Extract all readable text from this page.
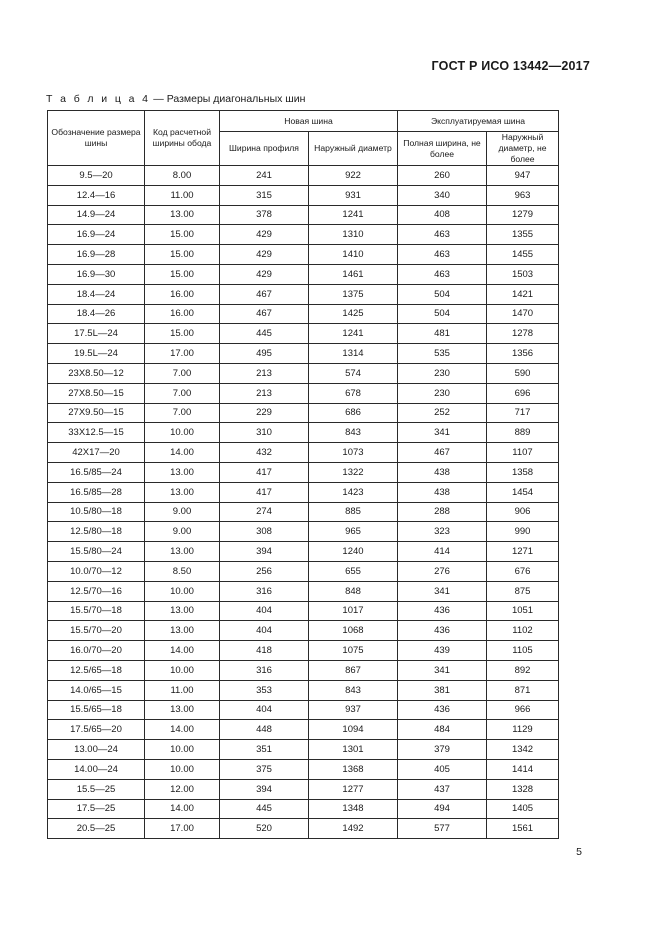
ГОСТ Р ИСО 13442—2017
Т а б л и ц а 4 — Размеры диагональных шин
Обозначение размера шины	Код расчетной ширины обода	Новая шина		Эксплуатируемая шина	
		Ширина профиля	Наружный диаметр	Полная ширина, не более	Наружный диаметр, не более
9.5—20	8.00	241	922	260	947
12.4—16	11.00	315	931	340	963
14.9—24	13.00	378	1241	408	1279
16.9—24	15.00	429	1310	463	1355
16.9—28	15.00	429	1410	463	1455
16.9—30	15.00	429	1461	463	1503
18.4—24	16.00	467	1375	504	1421
18.4—26	16.00	467	1425	504	1470
17.5L—24	15.00	445	1241	481	1278
19.5L—24	17.00	495	1314	535	1356
23X8.50—12	7.00	213	574	230	590
27X8.50—15	7.00	213	678	230	696
27X9.50—15	7.00	229	686	252	717
33X12.5—15	10.00	310	843	341	889
42X17—20	14.00	432	1073	467	1107
16.5/85—24	13.00	417	1322	438	1358
16.5/85—28	13.00	417	1423	438	1454
10.5/80—18	9.00	274	885	288	906
12.5/80—18	9.00	308	965	323	990
15.5/80—24	13.00	394	1240	414	1271
10.0/70—12	8.50	256	655	276	676
12.5/70—16	10.00	316	848	341	875
15.5/70—18	13.00	404	1017	436	1051
15.5/70—20	13.00	404	1068	436	1102
16.0/70—20	14.00	418	1075	439	1105
12.5/65—18	10.00	316	867	341	892
14.0/65—15	11.00	353	843	381	871
15.5/65—18	13.00	404	937	436	966
17.5/65—20	14.00	448	1094	484	1129
13.00—24	10.00	351	1301	379	1342
14.00—24	10.00	375	1368	405	1414
15.5—25	12.00	394	1277	437	1328
17.5—25	14.00	445	1348	494	1405
20.5—25	17.00	520	1492	577	1561
5
